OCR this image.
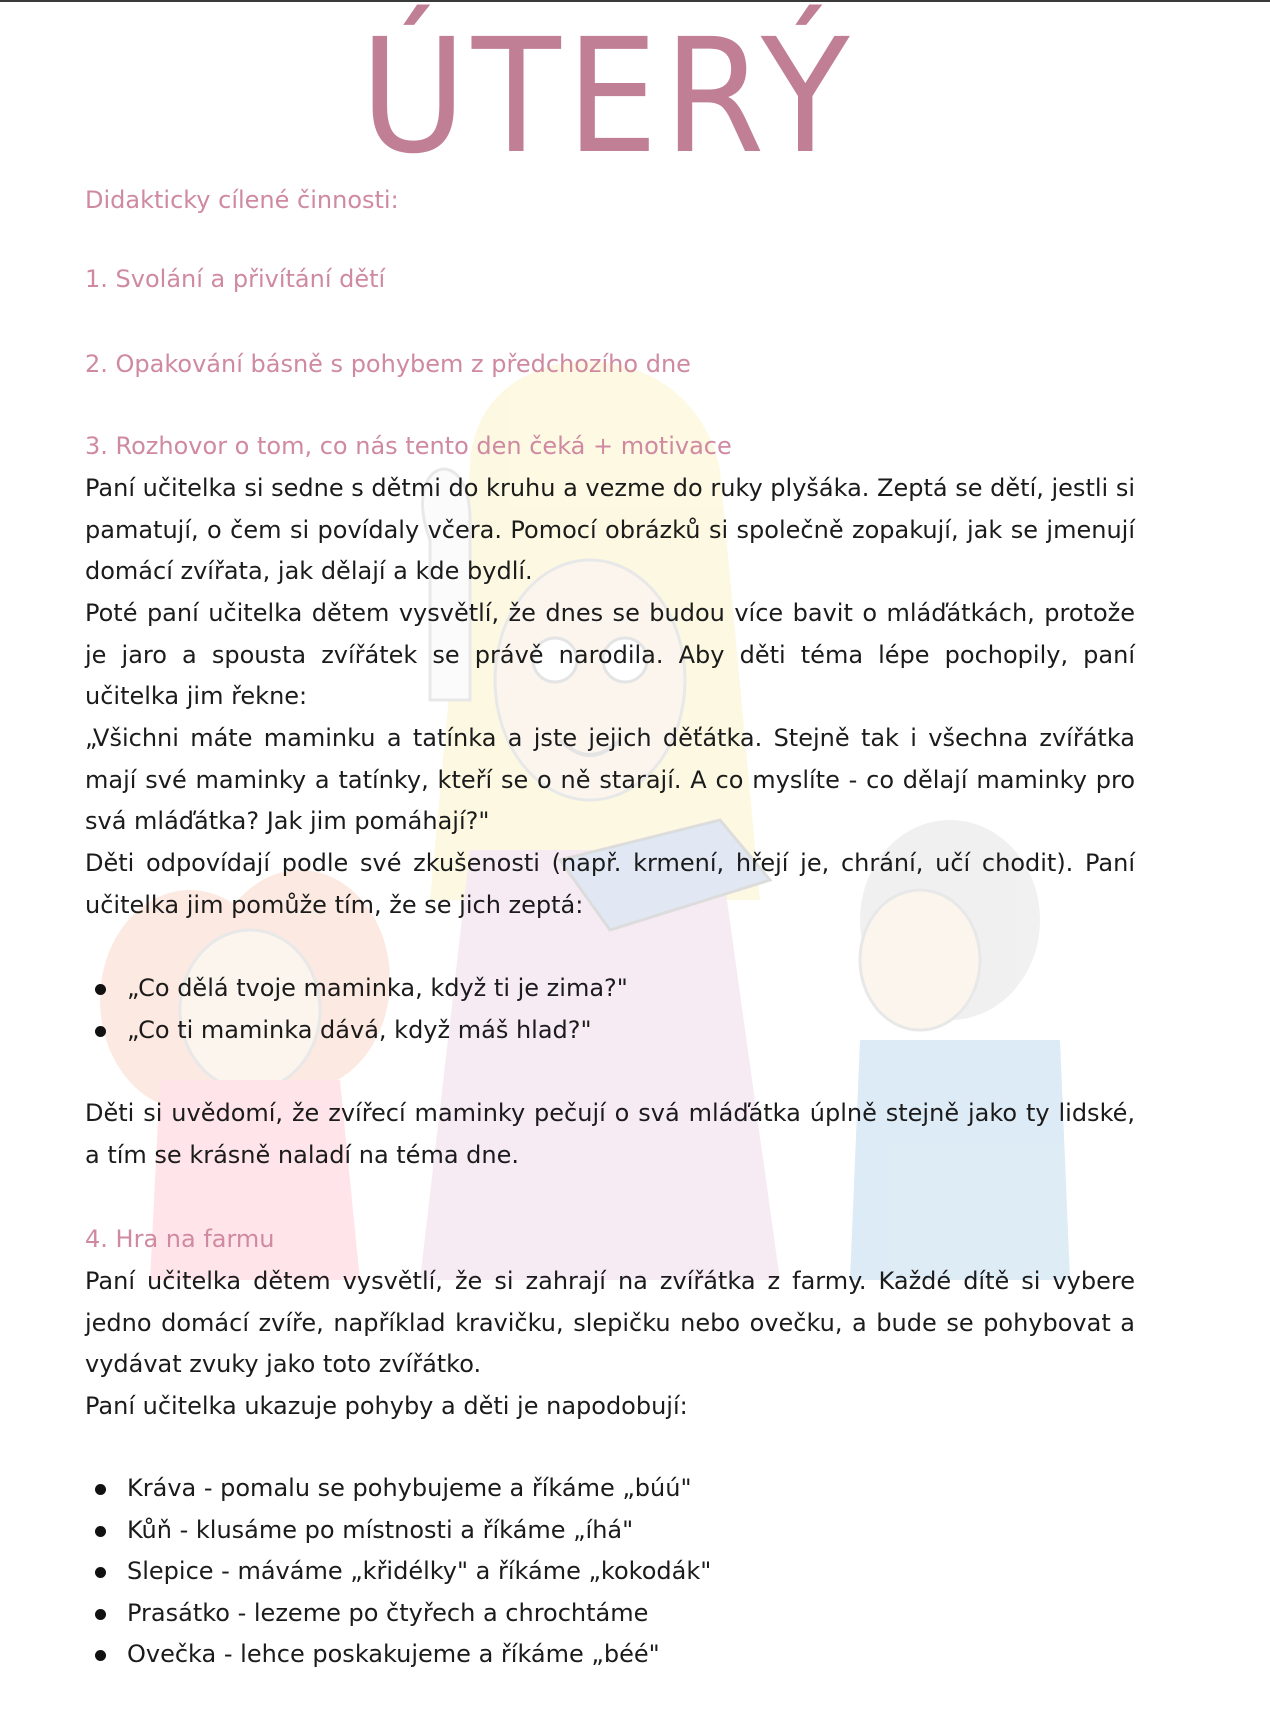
ÚTERÝ

Didakticky cílené činnosti:

1. Svolání a přivítání dětí

2. Opakování básně s pohybem z předchozího dne

3. Rozhovor o tom, co nás tento den čeká + motivace

Paní učitelka si sedne s dětmi do kruhu a vezme do ruky plyšáka. Zeptá se dětí, jestli si pamatují, o čem si povídaly včera. Pomocí obrázků si společně zopakují, jak se jmenují domácí zvířata, jak dělají a kde bydlí.

Poté paní učitelka dětem vysvětlí, že dnes se budou více bavit o mláďátkách, protože je jaro a spousta zvířátek se právě narodila. Aby děti téma lépe pochopily, paní učitelka jim řekne:

„Všichni máte maminku a tatínka a jste jejich děťátka. Stejně tak i všechna zvířátka mají své maminky a tatínky, kteří se o ně starají. A co myslíte - co dělají maminky pro svá mláďátka? Jak jim pomáhají?"

Děti odpovídají podle své zkušenosti (např. krmení, hřejí je, chrání, učí chodit). Paní učitelka jim pomůže tím, že se jich zeptá:

„Co dělá tvoje maminka, když ti je zima?"
„Co ti maminka dává, když máš hlad?"

Děti si uvědomí, že zvířecí maminky pečují o svá mláďátka úplně stejně jako ty lidské, a tím se krásně naladí na téma dne.

4. Hra na farmu

Paní učitelka dětem vysvětlí, že si zahrají na zvířátka z farmy. Každé dítě si vybere jedno domácí zvíře, například kravičku, slepičku nebo ovečku, a bude se pohybovat a vydávat zvuky jako toto zvířátko.

Paní učitelka ukazuje pohyby a děti je napodobují:

Kráva - pomalu se pohybujeme a říkáme „búú"
Kůň - klusáme po místnosti a říkáme „íhá"
Slepice - máváme „křidélky" a říkáme „kokodák"
Prasátko - lezeme po čtyřech a chrochtáme
Ovečka - lehce poskakujeme a říkáme „béé"
